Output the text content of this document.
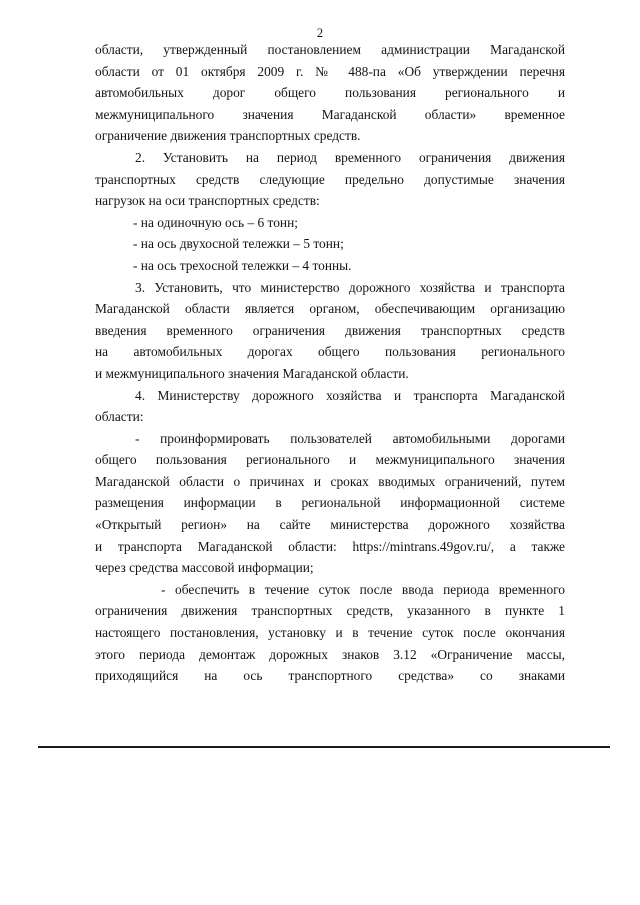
2
области, утвержденный постановлением администрации Магаданской
области от 01 октября 2009 г. № 488-па «Об утверждении перечня
автомобильных дорог общего пользования регионального и
межмуниципального значения Магаданской области» временное
ограничение движения транспортных средств.
2. Установить на период временного ограничения движения
транспортных средств следующие предельно допустимые значения
нагрузок на оси транспортных средств:
- на одиночную ось – 6 тонн;
- на ось двухосной тележки – 5 тонн;
- на ось трехосной тележки – 4 тонны.
3. Установить, что министерство дорожного хозяйства и транспорта
Магаданской области является органом, обеспечивающим организацию
введения временного ограничения движения транспортных средств
на автомобильных дорогах общего пользования регионального
и межмуниципального значения Магаданской области.
4. Министерству дорожного хозяйства и транспорта Магаданской
области:
- проинформировать пользователей автомобильными дорогами
общего пользования регионального и межмуниципального значения
Магаданской области о причинах и сроках вводимых ограничений, путем
размещения информации в региональной информационной системе
«Открытый регион» на сайте министерства дорожного хозяйства
и транспорта Магаданской области: https://mintrans.49gov.ru/, а также
через средства массовой информации;
- обеспечить в течение суток после ввода периода временного
ограничения движения транспортных средств, указанного в пункте 1
настоящего постановления, установку и в течение суток после окончания
этого периода демонтаж дорожных знаков 3.12 «Ограничение массы,
приходящийся на ось транспортного средства» со знаками
